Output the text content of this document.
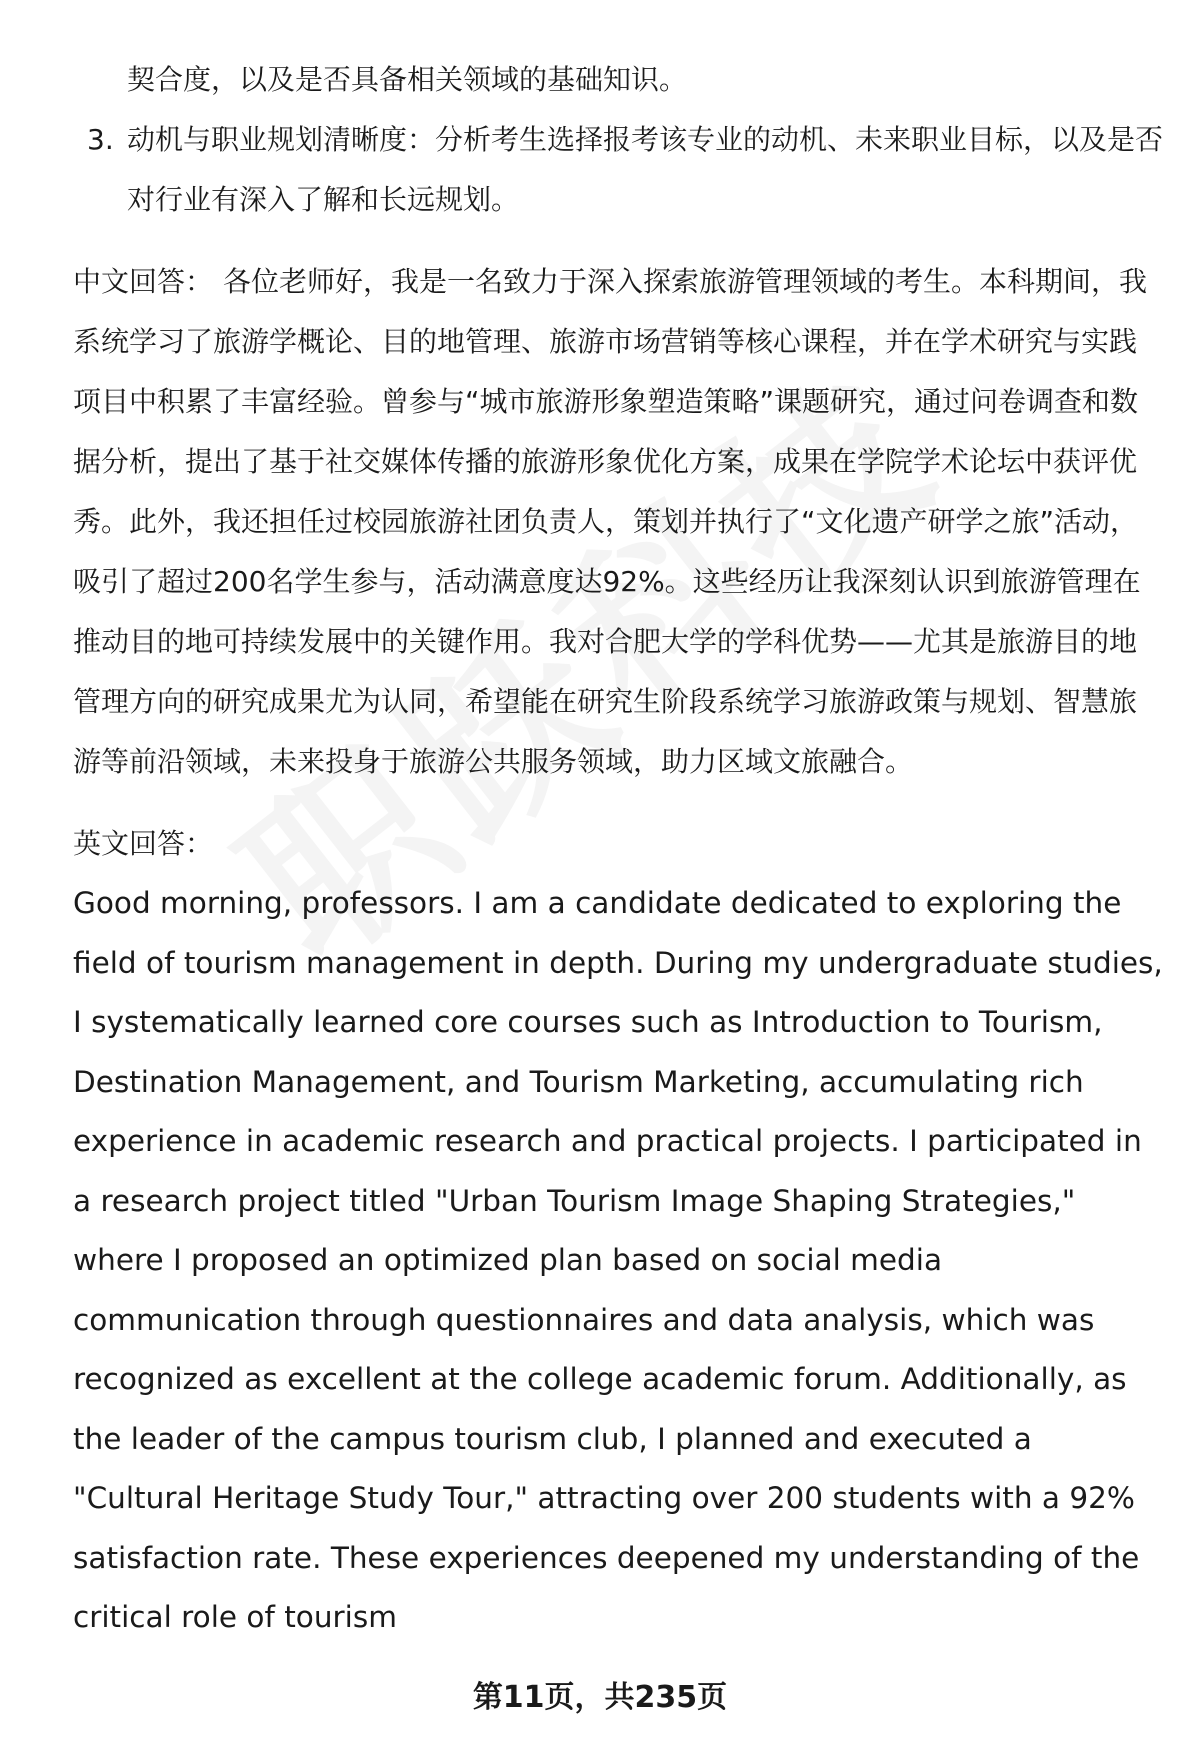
契合度，以及是否具备相关领域的基础知识。
3. 动机与职业规划清晰度：分析考生选择报考该专业的动机、未来职业目标，以及是否对行业有深入了解和长远规划。
中文回答： 各位老师好，我是一名致力于深入探索旅游管理领域的考生。本科期间，我系统学习了旅游学概论、目的地管理、旅游市场营销等核心课程，并在学术研究与实践项目中积累了丰富经验。曾参与“城市旅游形象塑造策略”课题研究，通过问卷调查和数据分析，提出了基于社交媒体传播的旅游形象优化方案，成果在学院学术论坛中获评优秀。此外，我还担任过校园旅游社团负责人，策划并执行了“文化遗产研学之旅”活动，吸引了超过200名学生参与，活动满意度达92%。这些经历让我深刻认识到旅游管理在推动目的地可持续发展中的关键作用。我对合肥大学的学科优势——尤其是旅游目的地管理方向的研究成果尤为认同，希望能在研究生阶段系统学习旅游政策与规划、智慧旅游等前沿领域，未来投身于旅游公共服务领域，助力区域文旅融合。
英文回答：
Good morning, professors. I am a candidate dedicated to exploring the field of tourism management in depth. During my undergraduate studies, I systematically learned core courses such as Introduction to Tourism, Destination Management, and Tourism Marketing, accumulating rich experience in academic research and practical projects. I participated in a research project titled "Urban Tourism Image Shaping Strategies," where I proposed an optimized plan based on social media communication through questionnaires and data analysis, which was recognized as excellent at the college academic forum. Additionally, as the leader of the campus tourism club, I planned and executed a "Cultural Heritage Study Tour," attracting over 200 students with a 92% satisfaction rate. These experiences deepened my understanding of the critical role of tourism
第11页，共235页
